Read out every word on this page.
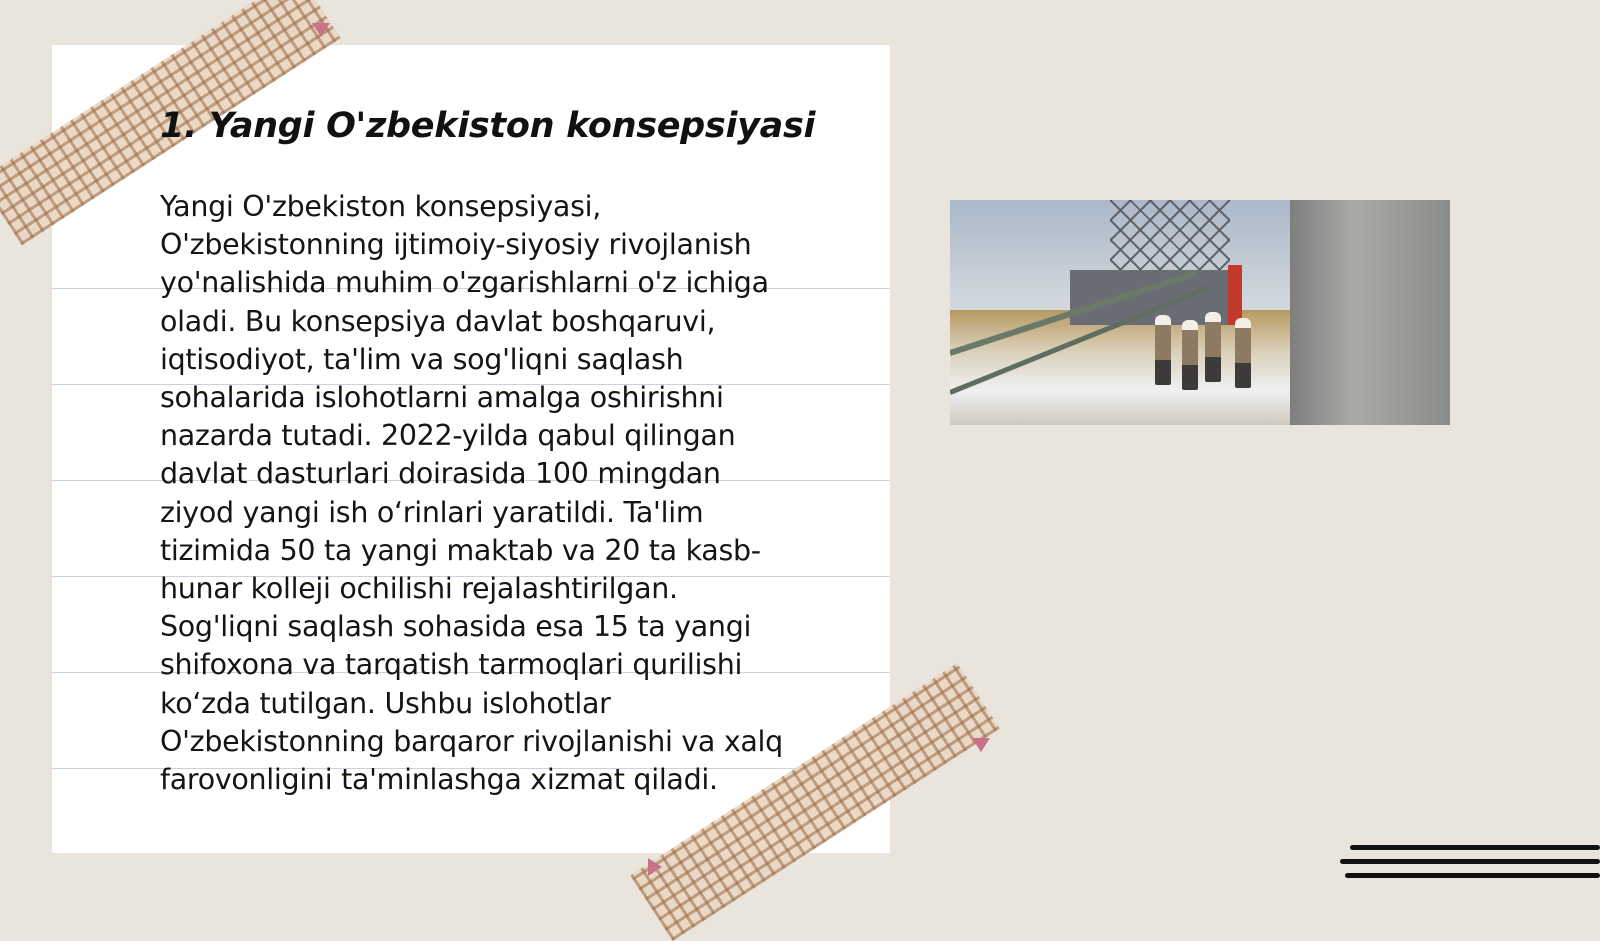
1. Yangi O'zbekiston konsepsiyasi
Yangi O'zbekiston konsepsiyasi,
O'zbekistonning ijtimoiy-siyosiy rivojlanish
yo'nalishida muhim o'zgarishlarni o'z ichiga
oladi. Bu konsepsiya davlat boshqaruvi,
iqtisodiyot, ta'lim va sog'liqni saqlash
sohalarida islohotlarni amalga oshirishni
nazarda tutadi. 2022-yilda qabul qilingan
davlat dasturlari doirasida 100 mingdan
ziyod yangi ish o‘rinlari yaratildi. Ta'lim
tizimida 50 ta yangi maktab va 20 ta kasb-
hunar kolleji ochilishi rejalashtirilgan.
Sog'liqni saqlash sohasida esa 15 ta yangi
shifoxona va tarqatish tarmoqlari qurilishi
ko‘zda tutilgan. Ushbu islohotlar
O'zbekistonning barqaror rivojlanishi va xalq
farovonligini ta'minlashga xizmat qiladi.
